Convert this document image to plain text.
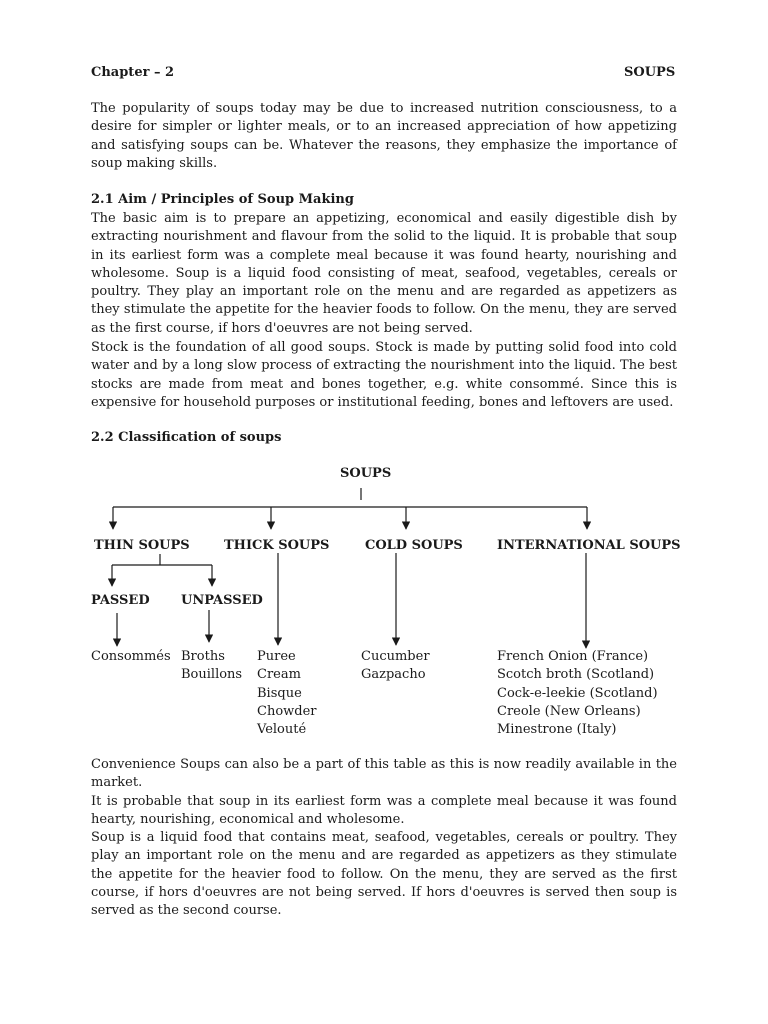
Chapter – 2	SOUPS

The popularity of soups today may be due to increased nutrition consciousness, to a desire for simpler or lighter meals, or to an increased appreciation of how appetizing and satisfying soups can be. Whatever the reasons, they emphasize the importance of soup making skills.

2.1 Aim / Principles of Soup Making

The basic aim is to prepare an appetizing, economical and easily digestible dish by extracting nourishment and flavour from the solid to the liquid. It is probable that soup in its earliest form was a complete meal because it was found hearty, nourishing and wholesome. Soup is a liquid food consisting of meat, seafood, vegetables, cereals or poultry. They play an important role on the menu and are regarded as appetizers as they stimulate the appetite for the heavier foods to follow. On the menu, they are served as the first course, if hors d'oeuvres are not being served.

Stock is the foundation of all good soups. Stock is made by putting solid food into cold water and by a long slow process of extracting the nourishment into the liquid. The best stocks are made from meat and bones together, e.g. white consommé. Since this is expensive for household purposes or institutional feeding, bones and leftovers are used.

2.2 Classification of soups
SOUPS
THIN SOUPS	THICK SOUPS	COLD SOUPS	INTERNATIONAL SOUPS
PASSED UNPASSED
Consommés Broths
Bouillons
Puree
Cream
Bisque
Chowder
Velouté
Cucumber
Gazpacho
French Onion (France)
Scotch broth (Scotland)
Cock-e-leekie (Scotland)
Creole (New Orleans)
Minestrone (Italy)

Convenience Soups can also be a part of this table as this is now readily available in the market.

It is probable that soup in its earliest form was a complete meal because it was found hearty, nourishing, economical and wholesome.

Soup is a liquid food that contains meat, seafood, vegetables, cereals or poultry. They play an important role on the menu and are regarded as appetizers as they stimulate the appetite for the heavier food to follow. On the menu, they are served as the first course, if hors d'oeuvres are not being served. If hors d'oeuvres is served then soup is served as the second course.
